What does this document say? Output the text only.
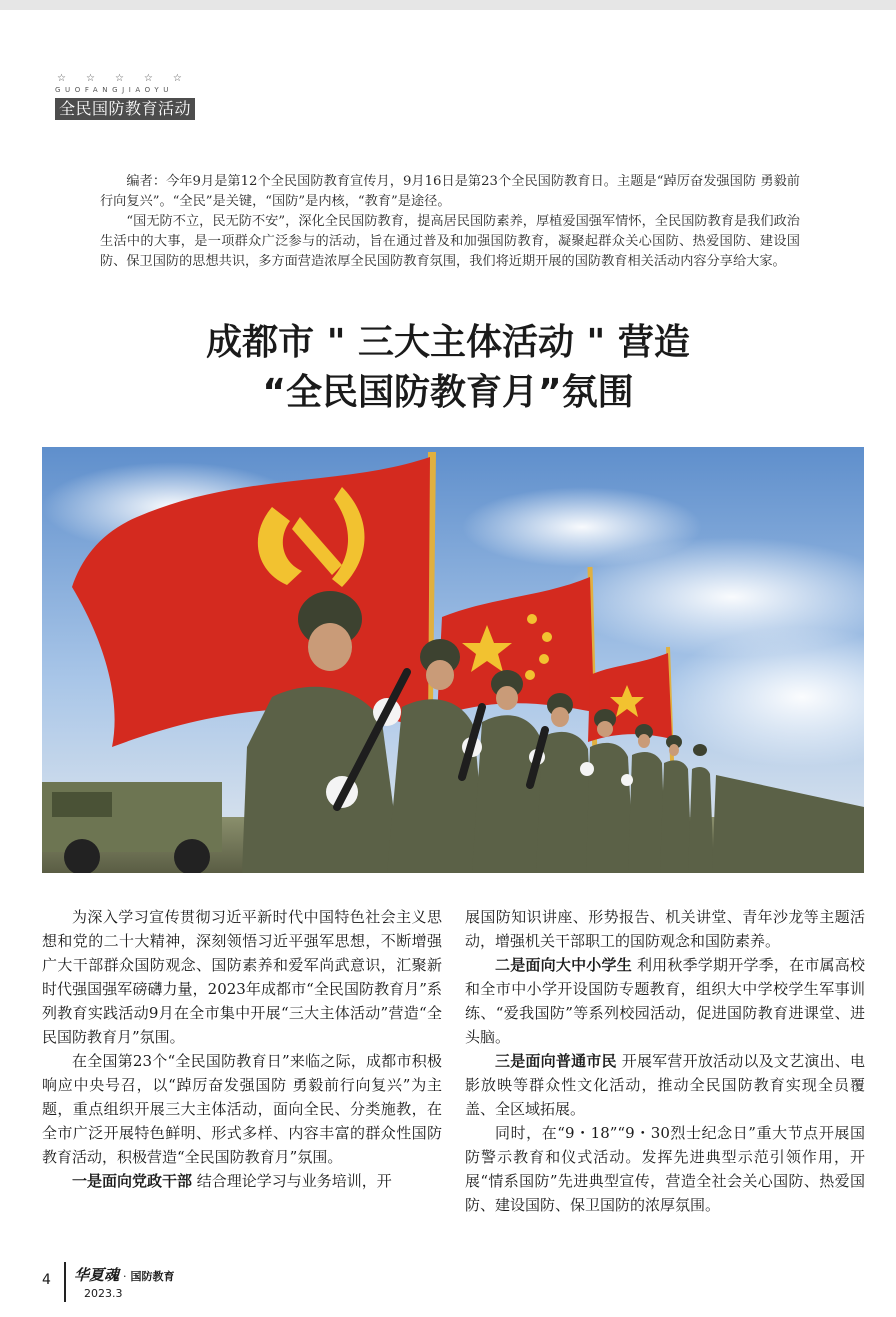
☆ ☆ ☆ ☆ ☆
GUOFANGJIAOYU
全民国防教育活动

编者：今年9月是第12个全民国防教育宣传月，9月16日是第23个全民国防教育日。主题是“踔厉奋发强国防 勇毅前行向复兴”。“全民”是关键，“国防”是内核，“教育”是途径。

“国无防不立，民无防不安”，深化全民国防教育，提高居民国防素养，厚植爱国强军情怀，全民国防教育是我们政治生活中的大事，是一项群众广泛参与的活动，旨在通过普及和加强国防教育，凝聚起群众关心国防、热爱国防、建设国防、保卫国防的思想共识，多方面营造浓厚全民国防教育氛围，我们将近期开展的国防教育相关活动内容分享给大家。

成都市 " 三大主体活动 " 营造
“全民国防教育月”氛围

为深入学习宣传贯彻习近平新时代中国特色社会主义思想和党的二十大精神，深刻领悟习近平强军思想，不断增强广大干部群众国防观念、国防素养和爱军尚武意识，汇聚新时代强国强军磅礴力量，2023年成都市“全民国防教育月”系列教育实践活动9月在全市集中开展“三大主体活动”营造“全民国防教育月”氛围。

在全国第23个“全民国防教育日”来临之际，成都市积极响应中央号召，以“踔厉奋发强国防 勇毅前行向复兴”为主题，重点组织开展三大主体活动，面向全民、分类施教，在全市广泛开展特色鲜明、形式多样、内容丰富的群众性国防教育活动，积极营造“全民国防教育月”氛围。

一是面向党政干部 结合理论学习与业务培训，开

展国防知识讲座、形势报告、机关讲堂、青年沙龙等主题活动，增强机关干部职工的国防观念和国防素养。

二是面向大中小学生 利用秋季学期开学季，在市属高校和全市中小学开设国防专题教育，组织大中学校学生军事训练、“爱我国防”等系列校园活动，促进国防教育进课堂、进头脑。

三是面向普通市民 开展军营开放活动以及文艺演出、电影放映等群众性文化活动，推动全民国防教育实现全员覆盖、全区域拓展。

同时，在“9・18”“9・30烈士纪念日”重大节点开展国防警示教育和仪式活动。发挥先进典型示范引领作用，开展“情系国防”先进典型宣传，营造全社会关心国防、热爱国防、建设国防、保卫国防的浓厚氛围。

4	华夏魂 · 国防教育
2023.3
